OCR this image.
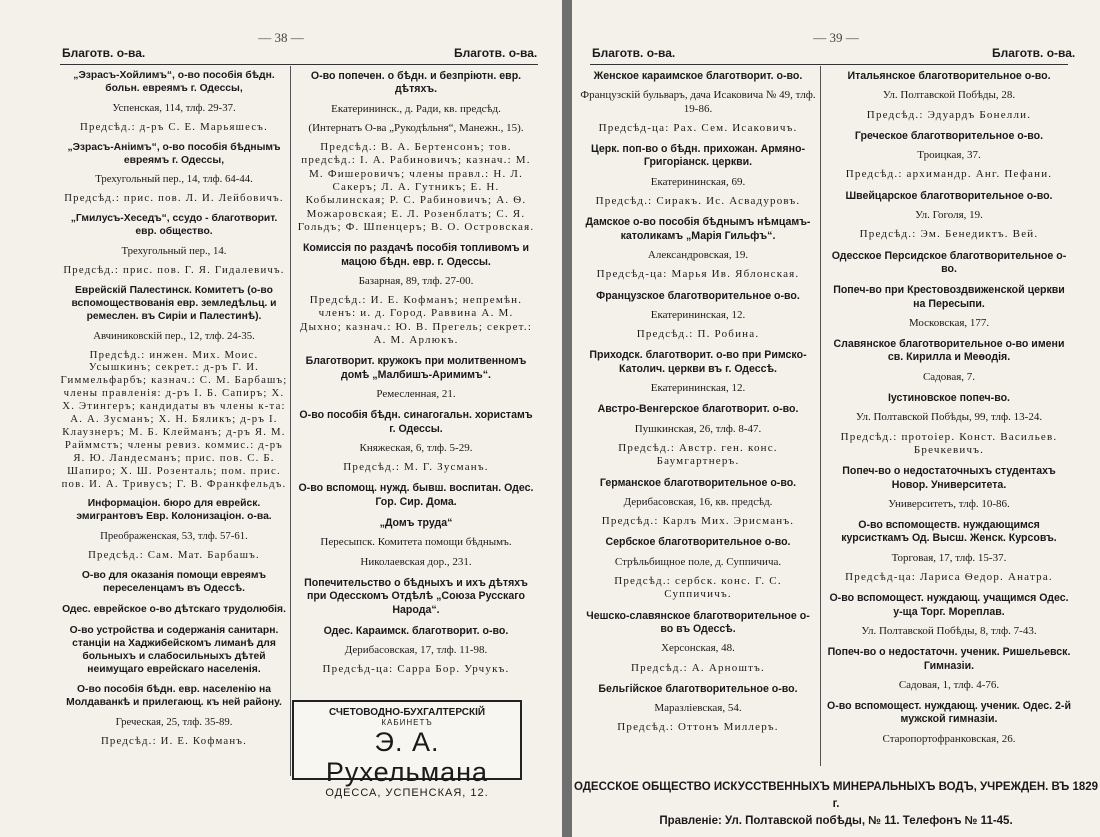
— 38 —
Благотв. о-ва.	Благотв. о-ва.

„Эзрасъ-Хойлимъ“, о-во пособія бѣдн. больн. евреямъ г. Одессы,

Успенская, 114, тлф. 29-37.

Предсѣд.: д-ръ С. Е. Марьяшесъ.

„Эзрасъ-Аніимъ“, о-во пособія бѣднымъ евреямъ г. Одессы,

Трехугольный пер., 14, тлф. 64-44.

Предсѣд.: прис. пов. Л. И. Лейбовичъ.

„Гмилусъ-Хеседъ“, ссудо - благотворит. евр. общество.

Трехугольный пер., 14.

Предсѣд.: прис. пов. Г. Я. Гидалевичъ.

Еврейскій Палестинск. Комитетъ (о-во вспомоществованія евр. земледѣльц. и ремеслен. въ Сиріи и Палестинѣ).

Авчиниковскій пер., 12, тлф. 24-35.

Предсѣд.: инжен. Мих. Моис. Усышкинъ; секрет.: д-ръ Г. И. Гиммельфарбъ; казнач.: С. М. Барбашъ; члены правленія: д-ръ І. Б. Сапиръ; Х. Х. Этингеръ; кандидаты въ члены к-та: А. А. Зусманъ; Х. Н. Бяликъ; д-ръ І. Клаузнеръ; М. Б. Клейманъ; д-ръ Я. М. Райммстъ; члены ревиз. коммис.: д-ръ Я. Ю. Ландесманъ; прис. пов. С. Б. Шапиро; Х. Ш. Розенталь; пом. прис. пов. И. А. Тривусъ; Г. В. Франкфельдъ.

Информаціон. бюро для еврейск. эмигрантовъ Евр. Колонизаціон. о-ва.

Преображенская, 53, тлф. 57-61.

Предсѣд.: Сам. Мат. Барбашъ.

О-во для оказанія помощи евреямъ переселенцамъ въ Одессѣ.

Одес. еврейское о-во дѣтскаго трудолюбія.

О-во устройства и содержанія санитарн. станціи на Хаджибейскомъ лиманѣ для больныхъ и слабосильныхъ дѣтей неимущаго еврейскаго населенія.

О-во пособія бѣдн. евр. населенію на Молдаванкѣ и прилегающ. къ ней району.

Греческая, 25, тлф. 35-89.

Предсѣд.: И. Е. Кофманъ.

О-во попечен. о бѣдн. и безпріютн. евр. дѣтяхъ.

Екатерининск., д. Ради, кв. предсѣд.

(Интернатъ О-ва „Рукодѣльня“, Манежн., 15).

Предсѣд.: В. А. Бертенсонъ; тов. предсѣд.: І. А. Рабиновичъ; казнач.: М. М. Фишеровичъ; члены правл.: Н. Л. Сакеръ; Л. А. Гутникъ; Е. Н. Кобылинская; Р. С. Рабиновичъ; А. Ѳ. Можаровская; Е. Л. Розенблатъ; С. Я. Гольдъ; Ф. Шпенцеръ; В. О. Островская.

Комиссія по раздачѣ пособія топливомъ и мацою бѣдн. евр. г. Одессы.

Базарная, 89, тлф. 27-00.

Предсѣд.: И. Е. Кофманъ; непремѣн. членъ: и. д. Город. Раввина А. М. Дыхно; казнач.: Ю. В. Прегель; секрет.: А. М. Арлюкъ.

Благотворит. кружокъ при молитвенномъ домѣ „Малбишъ-Аримимъ“.

Ремесленная, 21.

О-во пособія бѣдн. синагогальн. хористамъ г. Одессы.

Княжеская, 6, тлф. 5-29.

Предсѣд.: М. Г. Зусманъ.

О-во вспомощ. нужд. бывш. воспитан. Одес. Гор. Сир. Дома.

„Домъ труда“

Пересыпск. Комитета помощи бѣднымъ.

Николаевская дор., 231.

Попечительство о бѣдныхъ и ихъ дѣтяхъ при Одесскомъ Отдѣлѣ „Союза Русскаго Народа“.

Одес. Караимск. благотворит. о-во.

Дерибасовская, 17, тлф. 11-98.

Предсѣд-ца: Сарра Бор. Урчукъ.

СЧЕТОВОДНО-БУХГАЛТЕРСКІЙ
КАБИНЕТЪ
Э. А. Рухельмана
ОДЕССА, УСПЕНСКАЯ, 12.
— 39 —
Благотв. о-ва.	Благотв. о-ва.

Женское караимское благотворит. о-во.

Французскій бульваръ, дача Исаковича № 49, тлф. 19-86.

Предсѣд-ца: Рах. Сем. Исаковичъ.

Церк. поп-во о бѣдн. прихожан. Армяно-Григоріанск. церкви.

Екатерининская, 69.

Предсѣд.: Сиракъ. Ис. Асвадуровъ.

Дамское о-во пособія бѣднымъ нѣмцамъ-католикамъ „Марія Гильфъ“.

Александровская, 19.

Предсѣд-ца: Марья Ив. Яблонская.

Французское благотворительное о-во.

Екатерининская, 12.

Предсѣд.: П. Робина.

Приходск. благотворит. о-во при Римско-Католич. церкви въ г. Одессѣ.

Екатерининская, 12.

Австро-Венгерское благотворит. о-во.

Пушкинская, 26, тлф. 8-47.

Предсѣд.: Австр. ген. конс. Баумгартнеръ.

Германское благотворительное о-во.

Дерибасовская, 16, кв. предсѣд.

Предсѣд.: Карлъ Мих. Эрисманъ.

Сербское благотворительное о-во.

Стрѣльбищное поле, д. Суппичича.

Предсѣд.: сербск. конс. Г. С. Суппичичъ.

Чешско-славянское благотворительное о-во въ Одессѣ.

Херсонская, 48.

Предсѣд.: А. Арноштъ.

Бельгійское благотворительное о-во.

Маразліевская, 54.

Предсѣд.: Оттонъ Миллеръ.

Итальянское благотворительное о-во.

Ул. Полтавской Побѣды, 28.

Предсѣд.: Эдуардъ Бонелли.

Греческое благотворительное о-во.

Троицкая, 37.

Предсѣд.: архимандр. Анг. Пефани.

Швейцарское благотворительное о-во.

Ул. Гоголя, 19.

Предсѣд.: Эм. Бенедиктъ. Вей.

Одесское Персидское благотворительное о-во.

Попеч-во при Крестовоздвиженской церкви на Пересыпи.

Московская, 177.

Славянское благотворительное о-во имени св. Кирилла и Меѳодія.

Садовая, 7.

Іустиновское попеч-во.

Ул. Полтавской Побѣды, 99, тлф. 13-24.

Предсѣд.: протоіер. Конст. Васильев. Бречкевичъ.

Попеч-во о недостаточныхъ студентахъ Новор. Университета.

Университетъ, тлф. 10-86.

О-во вспомоществ. нуждающимся курсисткамъ Од. Высш. Женск. Курсовъ.

Торговая, 17, тлф. 15-37.

Предсѣд-ца: Лариса Ѳедор. Анатра.

О-во вспомощест. нуждающ. учащимся Одес. у-ща Торг. Мореплав.

Ул. Полтавской Побѣды, 8, тлф. 7-43.

Попеч-во о недостаточн. ученик. Ришельевск. Гимназіи.

Садовая, 1, тлф. 4-76.

О-во вспомощест. нуждающ. ученик. Одес. 2-й мужской гимназіи.

Старопортофранковская, 26.

ОДЕССКОЕ ОБЩЕСТВО ИСКУССТВЕННЫХЪ МИНЕРАЛЬНЫХЪ ВОДЪ, УЧРЕЖДЕН. ВЪ 1829 г.
Правленіе: Ул. Полтавской побѣды, № 11. Телефонъ № 11-45.
